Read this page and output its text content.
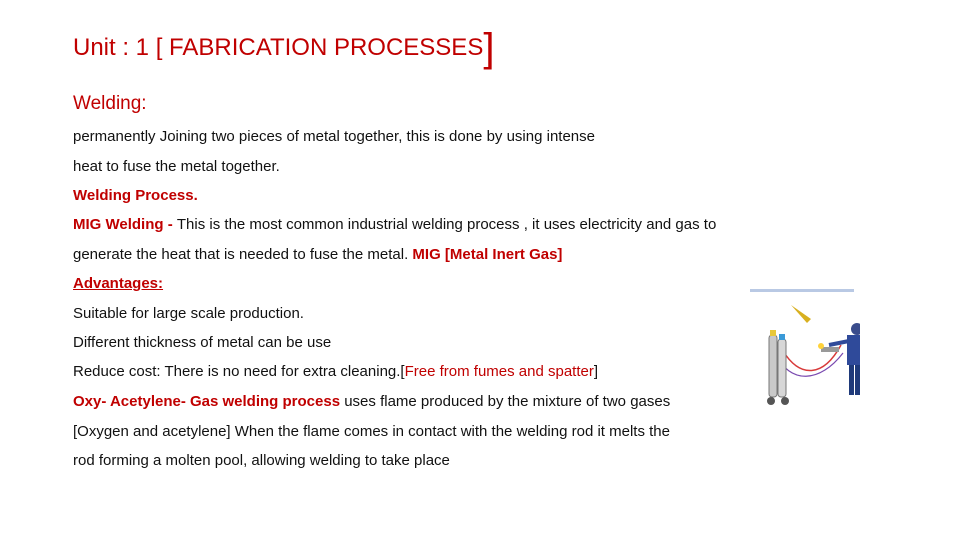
Unit : 1 [ FABRICATION PROCESSES]
Welding:
permanently Joining two pieces of metal together, this is done by using intense
heat to fuse the metal together.
Welding Process.
MIG Welding - This is the most common industrial welding process , it uses electricity and gas to
generate the heat that is needed to fuse the metal. MIG [Metal Inert Gas]
Advantages:
Suitable for large scale production.
Different thickness of metal can be use
Reduce cost: There is no need for extra cleaning.[Free from fumes and spatter]
Oxy- Acetylene- Gas welding process uses flame produced by the mixture of two gases
[Oxygen and acetylene] When the flame comes in contact with the welding rod it melts the
rod forming a molten pool, allowing welding to take place
